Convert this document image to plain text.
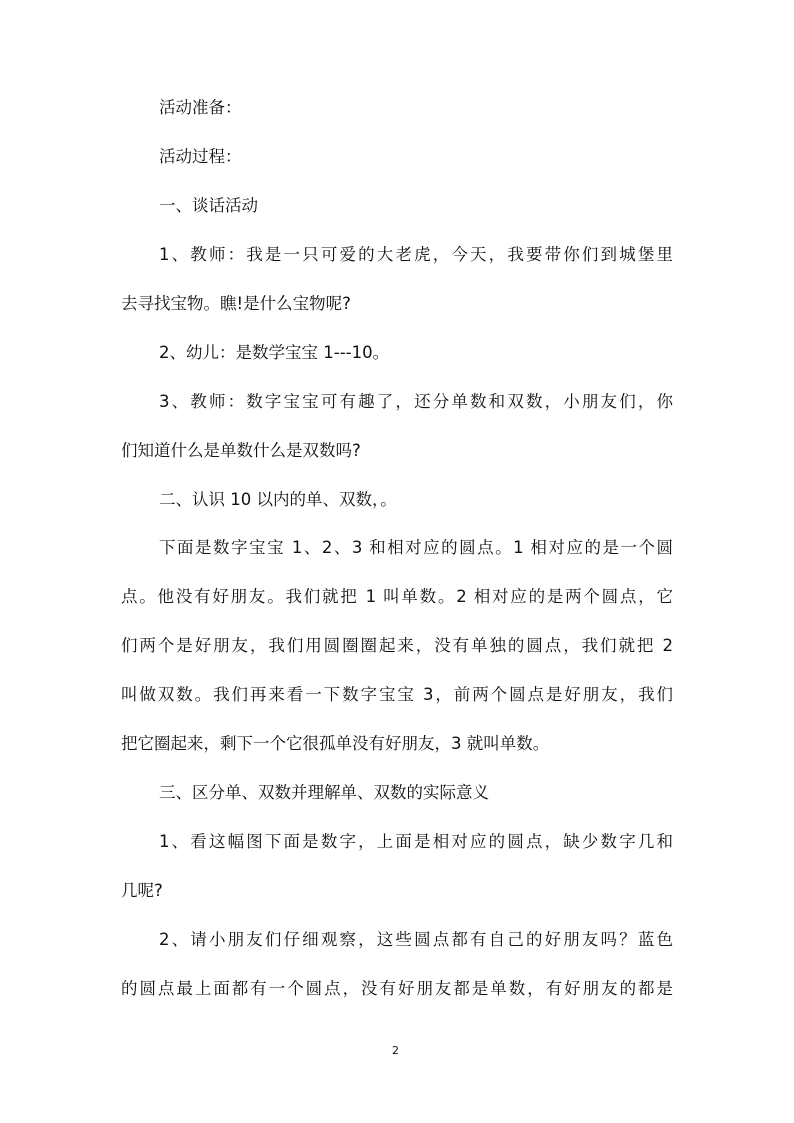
活动准备：
活动过程：
一、谈话活动
1、教师：我是一只可爱的大老虎，今天，我要带你们到城堡里
去寻找宝物。瞧!是什么宝物呢?
2、幼儿：是数学宝宝 1---10。
3、教师：数字宝宝可有趣了，还分单数和双数，小朋友们，你
们知道什么是单数什么是双数吗?
二、认识 10 以内的单、双数，。
下面是数字宝宝 1、2、3 和相对应的圆点。1 相对应的是一个圆
点。他没有好朋友。我们就把 1 叫单数。2 相对应的是两个圆点，它
们两个是好朋友，我们用圆圈圈起来，没有单独的圆点，我们就把 2
叫做双数。我们再来看一下数字宝宝 3，前两个圆点是好朋友，我们
把它圈起来，剩下一个它很孤单没有好朋友，3 就叫单数。
三、区分单、双数并理解单、双数的实际意义
1、看这幅图下面是数字，上面是相对应的圆点，缺少数字几和
几呢?
2、请小朋友们仔细观察，这些圆点都有自己的好朋友吗？蓝色
的圆点最上面都有一个圆点，没有好朋友都是单数，有好朋友的都是
2
